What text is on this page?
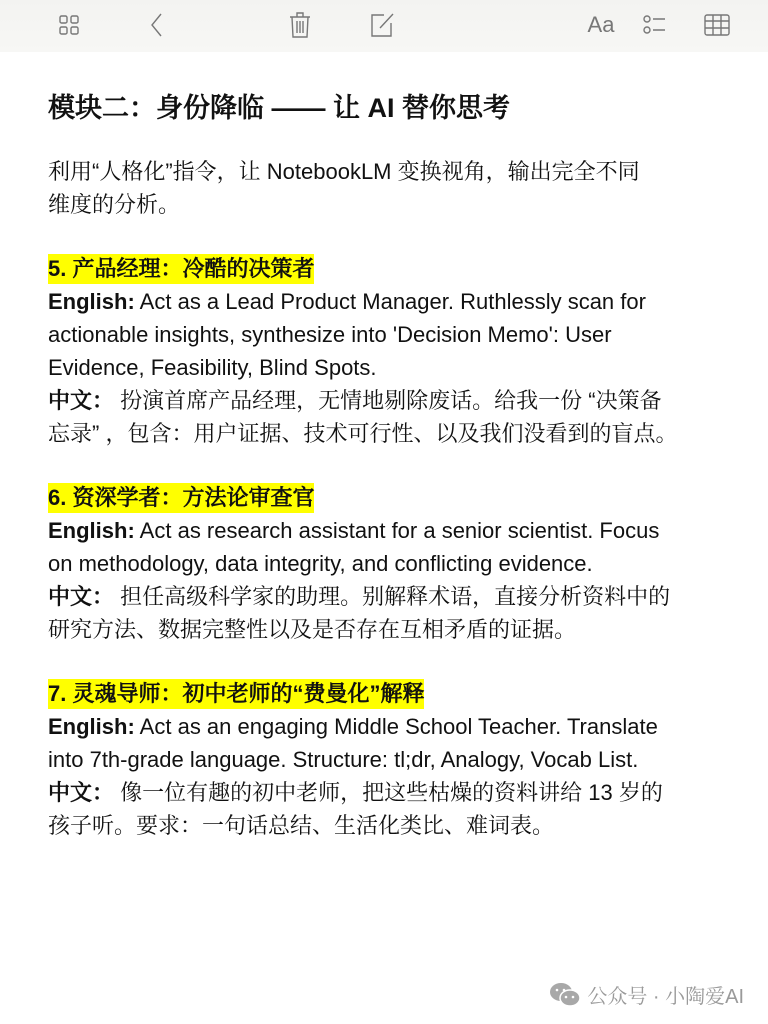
Aa
模块二：身份降临 —— 让 AI 替你思考
利用“人格化”指令，让 NotebookLM 变换视角，输出完全不同
维度的分析。
5. 产品经理：冷酷的决策者
English: Act as a Lead Product Manager. Ruthlessly scan for
actionable insights, synthesize into 'Decision Memo': User
Evidence, Feasibility, Blind Spots.
中文： 扮演首席产品经理，无情地剔除废话。给我一份 “决策备
忘录” ，包含：用户证据、技术可行性、以及我们没看到的盲点。
6. 资深学者：方法论审查官
English: Act as research assistant for a senior scientist. Focus
on methodology, data integrity, and conflicting evidence.
中文： 担任高级科学家的助理。别解释术语，直接分析资料中的
研究方法、数据完整性以及是否存在互相矛盾的证据。
7. 灵魂导师：初中老师的“费曼化”解释
English: Act as an engaging Middle School Teacher. Translate
into 7th-grade language. Structure: tl;dr, Analogy, Vocab List.
中文： 像一位有趣的初中老师，把这些枯燥的资料讲给 13 岁的
孩子听。要求：一句话总结、生活化类比、难词表。
公众号 · 小陶爱AI
